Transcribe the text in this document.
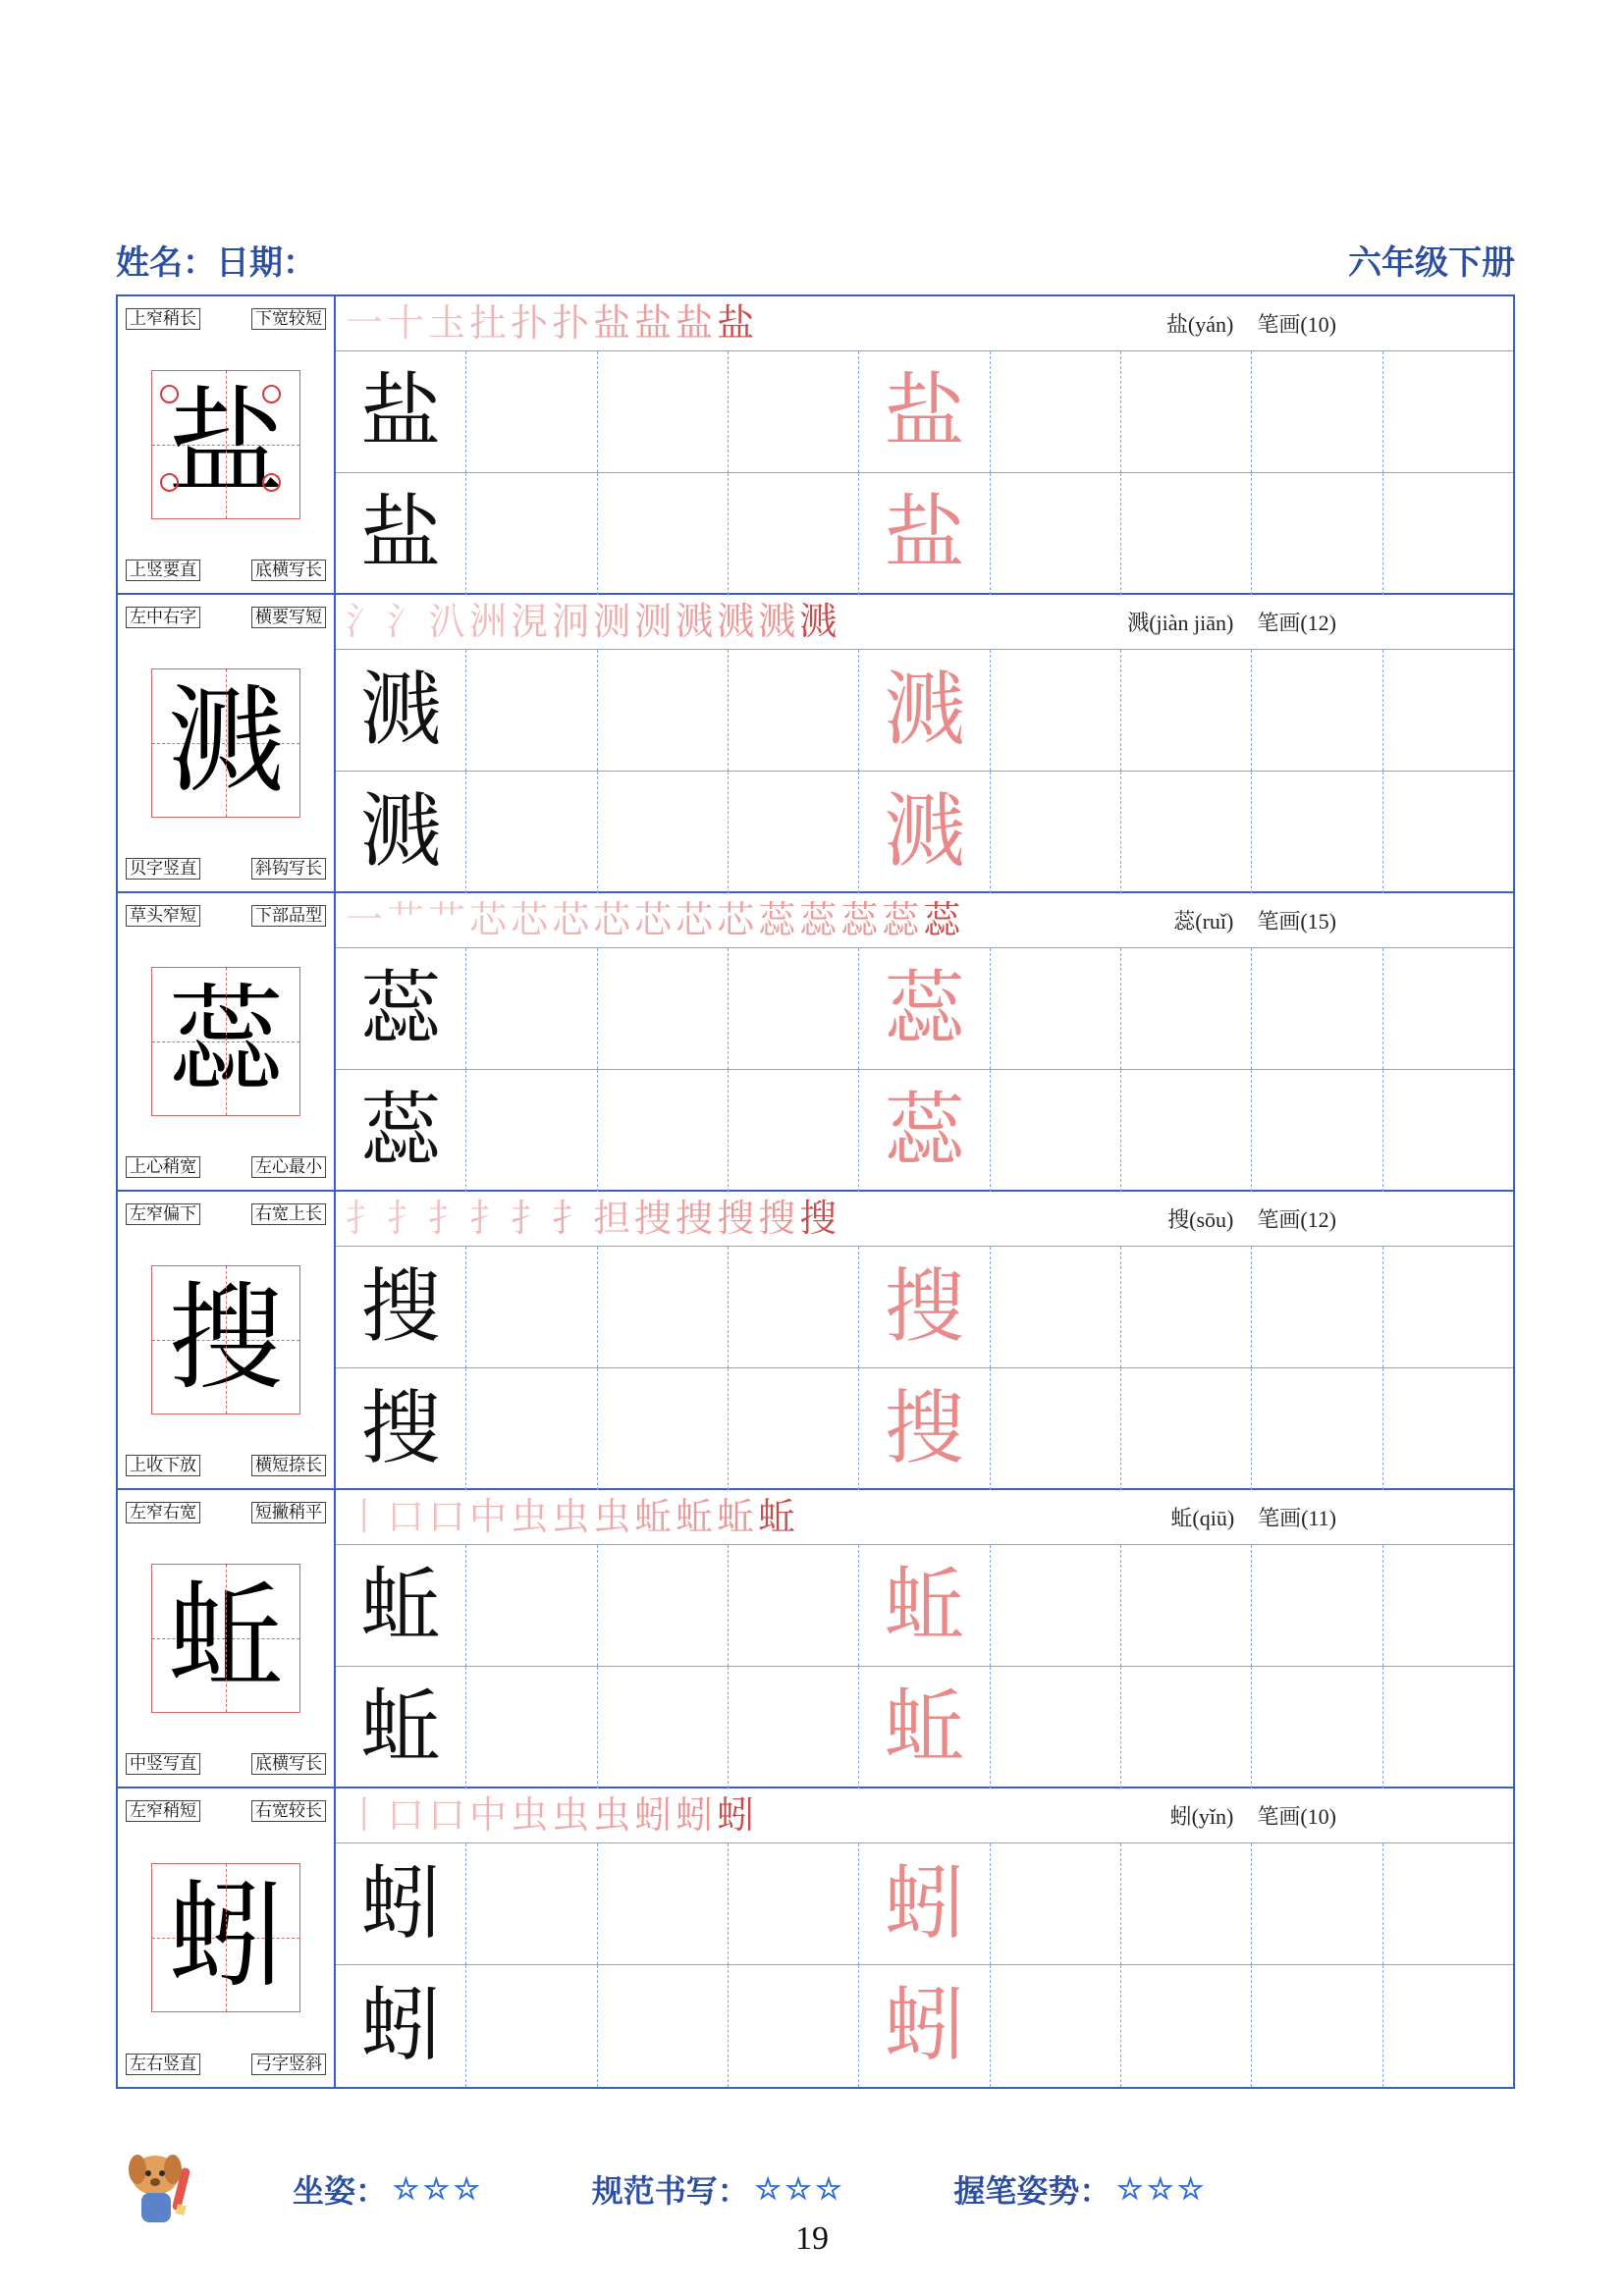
姓名： 日期：	六年级下册
上窄稍长	下宽较短
盐
上竖要直	底横写长
一 十 圡 扗 扑 扑 盐 盐 盐 盐	盐(yán) 笔画(10)
盐	盐
盐	盐
左中右字	横要写短
溅
贝字竖直	斜钩写长
氵 氵 汃 洲 涀 泂 测 测 溅 溅 溅 溅	溅(jiàn jiān) 笔画(12)
溅	溅
溅	溅
草头窄短	下部品型
蕊
上心稍宽	左心最小
一 艹 艹 芯 芯 芯 芯 芯 芯 芯 蕊 蕊 蕊 蕊 蕊	蕊(ruǐ) 笔画(15)
蕊	蕊
蕊	蕊
左窄偏下	右宽上长
搜
上收下放	横短捺长
扌 扌 扌 扌 扌 扌 担 捜 捜 搜 搜 搜	搜(sōu) 笔画(12)
搜	搜
搜	搜
左窄右宽	短撇稍平
蚯
中竖写直	底横写长
丨 口 口 中 虫 虫 虫 蚯 蚯 蚯 蚯	蚯(qiū) 笔画(11)
蚯	蚯
蚯	蚯
左窄稍短	右宽较长
蚓
左右竖直	弓字竖斜
丨 口 口 中 虫 虫 虫 蚓 蚓 蚓	蚓(yǐn) 笔画(10)
蚓	蚓
蚓	蚓
坐姿： ☆☆☆	规范书写： ☆☆☆	握笔姿势： ☆☆☆
19
